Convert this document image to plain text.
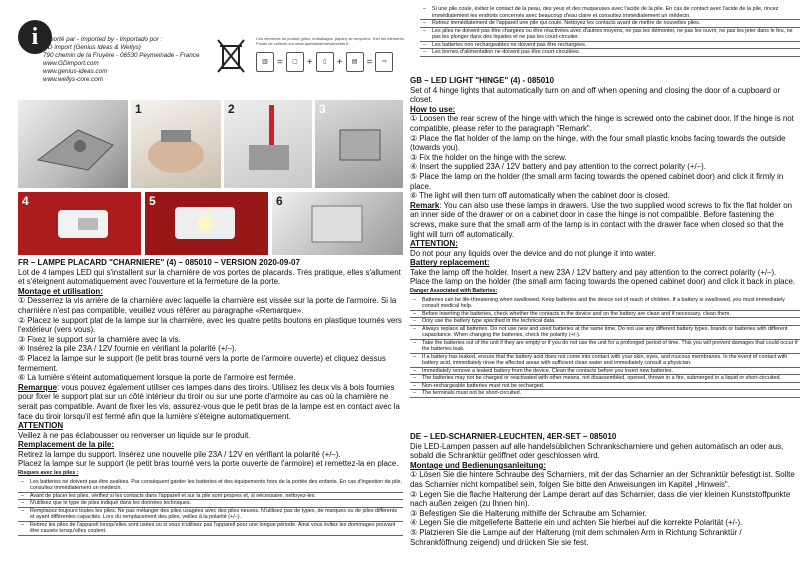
i Importé par - Imported by - Importado por :
GD import (Genius Ideas & Wellys)
790 chemin de la Fruyère - 06530 Peymeinade - France
www.GDimport.com
www.genius-ideas.com
www.wellys-core.com
Ces éléments du produit (piles, emballages, papier) se recyclent. Trier les éléments. Points de collecte sur www.quefairedemesdechets.fr
▥ =	▢ +	▯	+	▤ =	⇨
1	2	3
4	5	6

FR – LAMPE PLACARD "CHARNIERE" (4) – 085010 – VERSION 2020-09-07

Lot de 4 lampes LED qui s'installent sur la charnière de vos portes de placards. Très pratique, elles s'allument et s'éteignent automatiquement avec l'ouverture et la fermeture de la porte.

Montage et utilisation:

① Desserrez la vis arrière de la charnière avec laquelle la charnière est vissée sur la porte de l'armoire. Si la charnière n'est pas compatible, veuillez vous référer au paragraphe «Remarque».

② Placez le support plat de la lampe sur la charnière, avec les quatre petits boutons en plastique tournés vers l'extérieur (vers vous).

③ Fixez le support sur la charnière avec la vis.

④ Insérez la pile 23A / 12V fournie en vérifiant la polarité (+/–).

⑤ Placez la lampe sur le support (le petit bras tourné vers la porte de l'armoire ouverte) et cliquez dessus fermement.

⑥ La lumière s'éteint automatiquement lorsque la porte de l'armoire est fermée.

Remarque: vous pouvez également utiliser ces lampes dans des tiroirs. Utilisez les deux vis à bois fournies pour fixer le support plat sur un côté intérieur du tiroir ou sur une porte d'armoire au cas où la charnière ne serait pas compatible. Avant de fixer les vis, assurez-vous que le petit bras de la lampe est en contact avec la face du tiroir lorsqu'il est fermé afin que la lumière s'éteigne automatiquement.

ATTENTION

Veillez à ne pas éclabousser ou renverser un liquide sur le produit.

Remplacement de la pile:

Retirez la lampe du support. Insérez une nouvelle pile 23A / 12V en vérifiant la polarité (+/–).

Placez la lampe sur le support (le petit bras tourné vers la porte ouverte de l'armoire) et remettez-la en place.

Risques avec les piles :

– Les batteries ne doivent pas être avalées. Par conséquent garder les batteries et des équipements hors de la portée des enfants. En cas d'ingestion de pile, consultez immédiatement un médecin.
– Avant de placer les piles, vérifiez si les contacts dans l'appareil et sur la pile sont propres et, si nécessaire, nettoyez-les.
– N'utilisez que le type de piles indiqué dans les données techniques.
– Remplacez toujours toutes les piles. Ne pas mélanger des piles usagées avec des piles neuves. N'utilisez pas de types, de marques ou de piles différents et ayant différentes capacités. Lors du remplacement des piles, veillez à la polarité (+/–).
– Retirez les piles de l'appareil lorsqu'elles sont usées ou si vous n'utilisez pas l'appareil pour une longue période. Ainsi vous évitez les dommages pouvant être causés lorsqu'elles coulent.
– Si une pile coule, évitez le contact de la peau, des yeux et des muqueuses avec l'acide de la pile. En cas de contact avec l'acide de la pile, rincez immédiatement les endroits concernés avec beaucoup d'eau claire et consultez immédiatement un médecin.
– Retirez immédiatement de l'appareil une pile qui coule. Nettoyez les contacts avant de mettre de nouvelles piles.
– Les piles ne doivent pas être chargées ou être réactivées avec d'autres moyens, ne pas les démonter, ne pas les ouvrir, ne pas les jeter dans le feu, ne pas les plonger dans des liquides et ne pas les court-circuiter.
– Les batteries non rechargeables ne doivent pas être rechargées.
– Les bornes d'alimentation ne doivent pas être court-circuitées.

GB – LED LIGHT "HINGE" (4) - 085010

Set of 4 hinge lights that automatically turn on and off when opening and closing the door of a cupboard or closet.

How to use:

① Loosen the rear screw of the hinge with which the hinge is screwed onto the cabinet door. If the hinge is not compatible, please refer to the paragraph "Remark".

② Place the flat holder of the lamp on the hinge, with the four small plastic knobs facing towards the outside (towards you).

③ Fix the holder on the hinge with the screw.

④ Insert the supplied 23A / 12V battery and pay attention to the correct polarity (+/–).

⑤ Place the lamp on the holder (the small arm facing towards the opened cabinet door) and click it firmly in place.

⑥ The light will then turn off automatically when the cabinet door is closed.

Remark: You can also use these lamps in drawers. Use the two supplied wood screws to fix the flat holder on an inner side of the drawer or on a cabinet door in case the hinge is not compatible. Before fastening the screws, make sure that the small arm of the lamp is in contact with the drawer face when closed so that the light will turn off automatically.

ATTENTION:

Do not pour any liquids over the device and do not plunge it into water.

Battery replacement:

Take the lamp off the holder. Insert a new 23A / 12V battery and pay attention to the correct polarity (+/–).

Place the lamp on the holder (the small arm facing towards the opened cabinet door) and click it back in place.

Danger Associated with Batteries:

– Batteries can be life-threatening when swallowed. Keep batteries and the device out of reach of children. If a battery is swallowed, you must immediately consult medical help.
– Before inserting the batteries, check whether the contacts in the device and on the battery are clean and if necessary, clean them.
– Only use the battery type specified in the technical data.
– Always replace all batteries. Do not use new and used batteries at the same time. Do not use any different battery types, brands or batteries with different capacitance. When changing the batteries, check the polarity (+/-).
– Take the batteries out of the unit if they are empty or if you do not use the unit for a prolonged period of time. This you will prevent damages that could occur if the batteries leak.
– If a battery has leaked, ensure that the battery acid does not come into contact with your skin, eyes, and mucous membranes. In the event of contact with battery acid, immediately rinse the affected areas with sufficient clean water and immediately consult a physician.
– Immediately remove a leaked battery from the device. Clean the contacts before you insert new batteries.
– The batteries may not be charged or reactivated with other means, not disassembled, opened, thrown in a fire, submerged in a liquid or short-circuited.
– Non-rechargeable batteries must not be recharged.
– The terminals must not be short-circuited.

DE – LED-SCHARNIER-LEUCHTEN, 4ER-SET – 085010

Die LED-Lampen passen auf alle handelsüblichen Schrankscharniere und gehen automatisch an oder aus, sobald die Schranktür geöffnet oder geschlossen wird.

Montage und Bedienungsanleitung:

① Lösen Sie die hintere Schraube des Scharniers, mit der das Scharnier an der Schranktür befestigt ist. Sollte das Scharnier nicht kompatibel sein, folgen Sie bitte den Anweisungen im Kapitel „Hinweis".

② Legen Sie die flache Halterung der Lampe derart auf das Scharnier, dass die vier kleinen Kunststoffpunkte nach außen zeigen (zu Ihnen hin).

③ Befestigen Sie die Halterung mithilfe der Schraube am Scharnier.

④ Legen Sie die mitgelieferte Batterie ein und achten Sie hierbei auf die korrekte Polarität (+/-).

⑤ Platzieren Sie die Lampe auf der Halterung (mit dem schmalen Arm in Richtung Schranktür / Schrankföffnung zeigend) und drücken Sie sie fest.
